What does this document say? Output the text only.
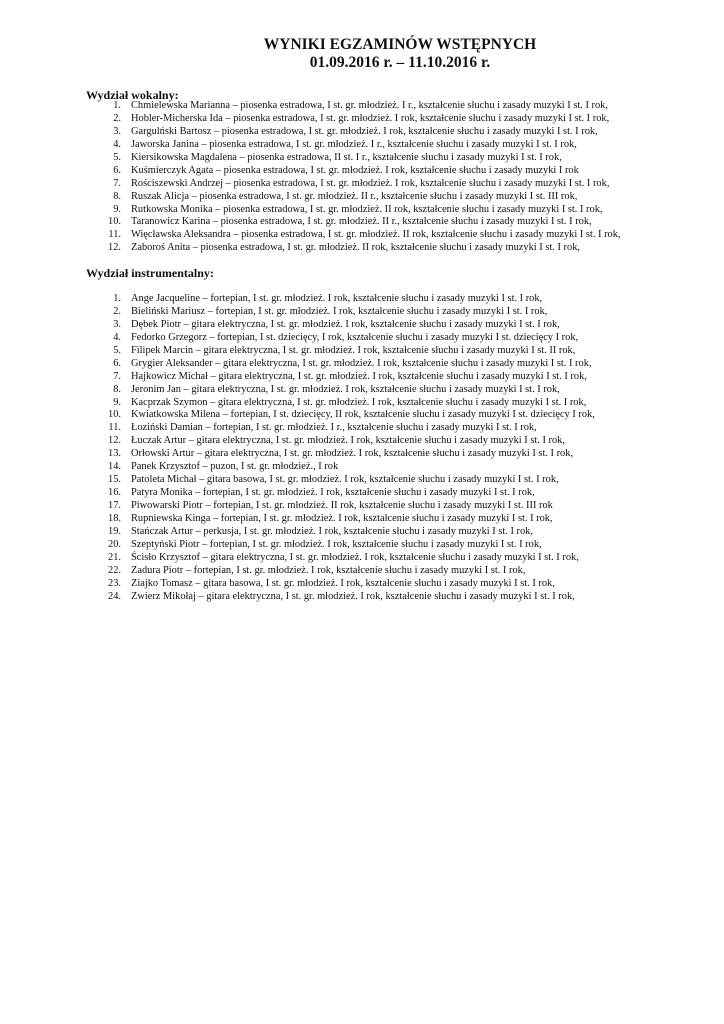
WYNIKI EGZAMINÓW WSTĘPNYCH
01.09.2016 r. – 11.10.2016 r.
Wydział wokalny:
1. Chmielewska Marianna – piosenka estradowa, I st. gr. młodzież. I r., kształcenie słuchu i zasady muzyki I st. I rok,
2. Hobler-Micherska Ida – piosenka estradowa, I st. gr. młodzież. I rok, kształcenie słuchu i zasady muzyki I st. I rok,
3. Gargulński Bartosz – piosenka estradowa, I st. gr. młodzież. I rok, kształcenie słuchu i zasady muzyki I st. I rok,
4. Jaworska Janina – piosenka estradowa, I st. gr. młodzież. I r., kształcenie słuchu i zasady muzyki I st. I rok,
5. Kiersikowska Magdalena – piosenka estradowa, II st. I r., kształcenie słuchu i zasady muzyki I st. I rok,
6. Kuśmierczyk Agata – piosenka estradowa, I st. gr. młodzież. I rok, kształcenie słuchu i zasady muzyki I rok
7. Rościszewski Andrzej – piosenka estradowa, I st. gr. młodzież. I rok, kształcenie słuchu i zasady muzyki I st. I rok,
8. Ruszak Alicja – piosenka estradowa, I st. gr. młodzież. II r., kształcenie słuchu i zasady muzyki I st. III rok,
9. Rutkowska Monika – piosenka estradowa, I st. gr. młodzież. II rok, kształcenie słuchu i zasady muzyki I st. I rok,
10. Taranowicz Karina – piosenka estradowa, I st. gr. młodzież. II r., kształcenie słuchu i zasady muzyki I st. I rok,
11. Więcławska Aleksandra – piosenka estradowa, I st. gr. młodzież. II rok, kształcenie słuchu i zasady muzyki I st. I rok,
12. Zaboroś Anita – piosenka estradowa, I st. gr. młodzież. II rok, kształcenie słuchu i zasady muzyki I st. I rok,
Wydział instrumentalny:
1. Ange Jacqueline – fortepian, I st. gr. młodzież. I rok, kształcenie słuchu i zasady muzyki I st. I rok,
2. Bieliński Mariusz – fortepian, I st. gr. młodzież. I rok, kształcenie słuchu i zasady muzyki I st. I rok,
3. Dębek Piotr – gitara elektryczna, I st. gr. młodzież. I rok, kształcenie słuchu i zasady muzyki I st. I rok,
4. Fedorko Grzegorz – fortepian, I st. dziecięcy, I rok, kształcenie słuchu i zasady muzyki I st. dziecięcy I rok,
5. Filipek Marcin – gitara elektryczna, I st. gr. młodzież. I rok, kształcenie słuchu i zasady muzyki I st. II rok,
6. Grygier Aleksander – gitara elektryczna, I st. gr. młodzież. I rok, kształcenie słuchu i zasady muzyki I st. I rok,
7. Hajkowicz Michał – gitara elektryczna, I st. gr. młodzież. I rok, kształcenie słuchu i zasady muzyki I st. I rok,
8. Jeronim Jan – gitara elektryczna, I st. gr. młodzież. I rok, kształcenie słuchu i zasady muzyki I st. I rok,
9. Kacprzak Szymon – gitara elektryczna, I st. gr. młodzież. I rok, kształcenie słuchu i zasady muzyki I st. I rok,
10. Kwiatkowska Milena – fortepian, I st. dziecięcy, II rok, kształcenie słuchu i zasady muzyki I st. dziecięcy I rok,
11. Łoziński Damian – fortepian, I st. gr. młodzież. I r., kształcenie słuchu i zasady muzyki I st. I rok,
12. Łuczak Artur – gitara elektryczna, I st. gr. młodzież. I rok, kształcenie słuchu i zasady muzyki I st. I rok,
13. Orłowski Artur – gitara elektryczna, I st. gr. młodzież. I rok, kształcenie słuchu i zasady muzyki I st. I rok,
14. Panek Krzysztof – puzon, I st. gr. młodzież., I rok
15. Patoleta Michał – gitara basowa, I st. gr. młodzież. I rok, kształcenie słuchu i zasady muzyki I st. I rok,
16. Patyra Monika – fortepian, I st. gr. młodzież. I rok, kształcenie słuchu i zasady muzyki I st. I rok,
17. Piwowarski Piotr – fortepian, I st. gr. młodzież. II rok, kształcenie słuchu i zasady muzyki I st. III rok
18. Rupniewska Kinga – fortepian, I st. gr. młodzież. I rok, kształcenie słuchu i zasady muzyki I st. I rok,
19. Stańczak Artur – perkusja, I st. gr. młodzież. I rok, kształcenie słuchu i zasady muzyki I st. I rok,
20. Szeptyński Piotr – fortepian, I st. gr. młodzież. I rok, kształcenie słuchu i zasady muzyki I st. I rok,
21. Ścisło Krzysztof – gitara elektryczna, I st. gr. młodzież. I rok, kształcenie słuchu i zasady muzyki I st. I rok,
22. Zadura Piotr – fortepian, I st. gr. młodzież. I rok, kształcenie słuchu i zasady muzyki I st. I rok,
23. Ziajko Tomasz – gitara basowa, I st. gr. młodzież. I rok, kształcenie słuchu i zasady muzyki I st. I rok,
24. Zwierz Mikołaj – gitara elektryczna, I st. gr. młodzież. I rok, kształcenie słuchu i zasady muzyki I st. I rok,
